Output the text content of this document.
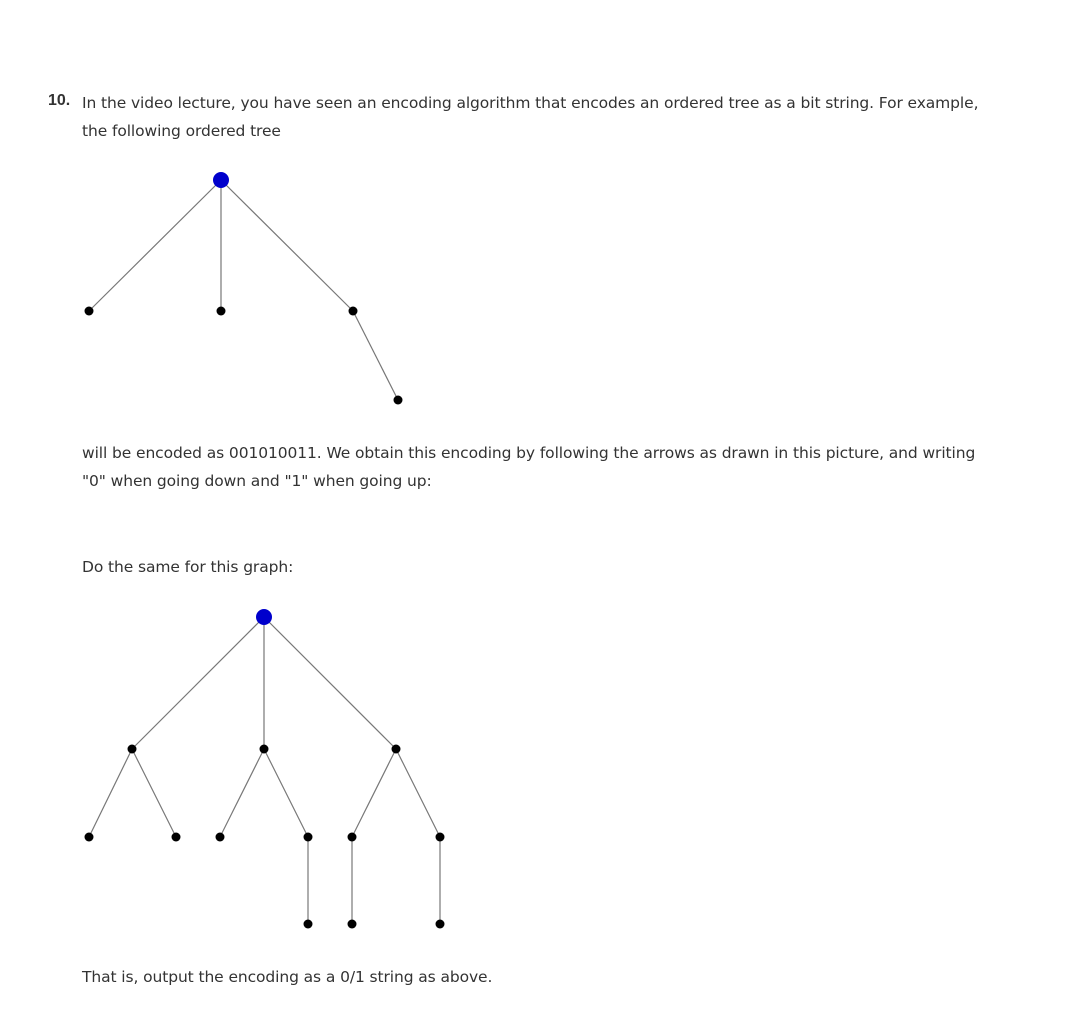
10. In the video lecture, you have seen an encoding algorithm that encodes an ordered tree as a bit string. For example,
the following ordered tree
will be encoded as 001010011. We obtain this encoding by following the arrows as drawn in this picture, and writing
"0" when going down and "1" when going up:
Do the same for this graph:
That is, output the encoding as a 0/1 string as above.
